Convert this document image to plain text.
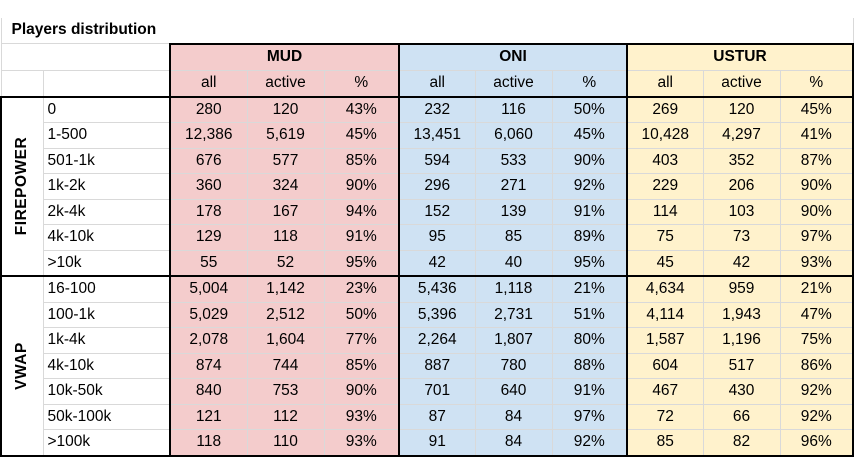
Players distribution										
		MUD			ONI			USTUR		
		all	active	%	all	active	%	all	active	%

FIREPOWER	0	280	120	43%	232	116	50%	269	120	45%
	1-500	12,386	5,619	45%	13,451	6,060	45%	10,428	4,297	41%
	501-1k	676	577	85%	594	533	90%	403	352	87%
	1k-2k	360	324	90%	296	271	92%	229	206	90%
	2k-4k	178	167	94%	152	139	91%	114	103	90%
	4k-10k	129	118	91%	95	85	89%	75	73	97%
	>10k	55	52	95%	42	40	95%	45	42	93%

VWAP	16-100	5,004	1,142	23%	5,436	1,118	21%	4,634	959	21%
	100-1k	5,029	2,512	50%	5,396	2,731	51%	4,114	1,943	47%
	1k-4k	2,078	1,604	77%	2,264	1,807	80%	1,587	1,196	75%
	4k-10k	874	744	85%	887	780	88%	604	517	86%
	10k-50k	840	753	90%	701	640	91%	467	430	92%
	50k-100k	121	112	93%	87	84	97%	72	66	92%
	>100k	118	110	93%	91	84	92%	85	82	96%
